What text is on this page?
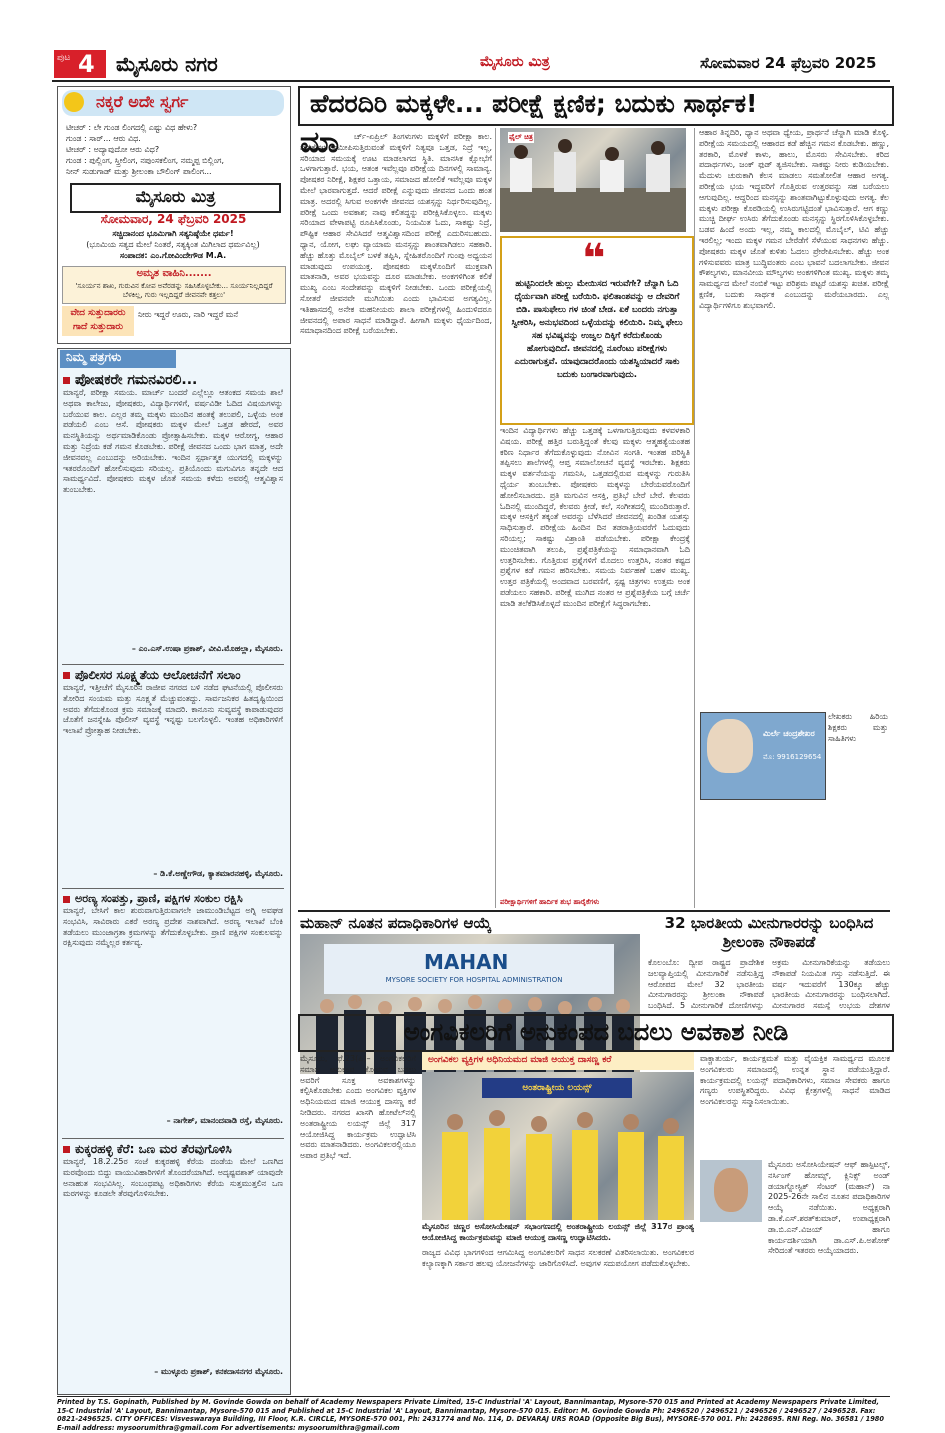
ಪುಟ 4 ಮೈಸೂರು ನಗರ	ಮೈಸೂರು ಮಿತ್ರ	ಸೋಮವಾರ 24 ಫೆಬ್ರವರಿ 2025
ನಕ್ಕರೆ ಅದೇ ಸ್ವರ್ಗ
ಟೀಚರ್ : ಲೇ ಗುಂಡ ಲಿಂಗದಲ್ಲಿ ಎಷ್ಟು ವಿಧ ಹೇಳು?
ಗುಂಡ : ಸಾರ್... ಆರು ವಿಧ.
ಟೀಚರ್ : ಅದ್ಯಾವುದೋ ಆರು ವಿಧ?
ಗುಂಡ : ಪುಲ್ಲಿಂಗ, ಸ್ತ್ರೀಲಿಂಗ, ನಪುಂಸಕಲಿಂಗ, ನಮ್ಮಪ್ಪ ಬಿಲ್ಲಿಂಗ,
ನೀನ್ ಸುಡುಗಾಡ್ ಮತ್ತು ಶ್ರೀಲಂಕಾ ಬೌಲಿಂಗ್ ಪಾಲಿಂಗ...
ಮೈಸೂರು ಮಿತ್ರ
ಸೋಮವಾರ, 24 ಫೆಬ್ರವರಿ 2025
ಸಚ್ಚಿದಾನಂದ ಭೂಮಿಗಾಗಿ ಸತ್ಯನಿಷ್ಠೆಯೇ ಧರ್ಮ!
(ಭೂಮಿಯ ಸತ್ಯದ ಮೇಲೆ ನಿಂತರೆ, ಸತ್ಯಕ್ಕಿಂತ ಮಿಗಿಲಾದ ಧರ್ಮವಿಲ್ಲ)
ಸಂಪಾದಕ: ಎಂ.ಗೋವಿಂದೇಗೌಡ M.A.
ಅಮೃತ ವಾಹಿನಿ.......
'ಸೂರ್ಯನ ಶಾಖ, ಗುರುವಿನ ಕೋಪ ಅವೆರಡನ್ನು ಸಹಿಸಿಕೊಳ್ಳಬೇಕು... ಸೂರ್ಯನಿಲ್ಲದಿದ್ದರೆ ಬೆಳಕಿಲ್ಲ, ಗುರು ಇಲ್ಲದಿದ್ದರೆ ಜೀವನವೇ ಕತ್ತಲು'
ವೇದ ಸುತ್ತುದಾರರು ಗಾದೆ ಸುತ್ತುದಾರು
ನೀರು ಇದ್ದರೆ ಊರು, ನಾರಿ ಇದ್ದರೆ ಮನೆ
ನಿಮ್ಮ ಪತ್ರಗಳು
ಪೋಷಕರೇ ಗಮನವಿರಲಿ...
ಮಾನ್ಯರೆ, ಪರೀಕ್ಷಾ ಸಮಯ. ಮಾರ್ಚ್ ಬಂದರೆ ಎಲ್ಲೆಲ್ಲೂ ಆತಂಕದ ಸಮಯ ಶಾಲೆ ಅಥವಾ ಕಾಲೇಜು, ಪೋಷಕರು, ವಿದ್ಯಾರ್ಥಿಗಳಿಗೆ, ವರ್ಷವಿಡೀ ಓದಿದ ವಿಷಯಗಳನ್ನು ಬರೆಯುವ ಕಾಲ. ಎಲ್ಲರ ತಮ್ಮ ಮಕ್ಕಳು ಮುಂದಿನ ಹಂತಕ್ಕೆ ತಲುಪಲಿ, ಒಳ್ಳೆಯ ಅಂಕ ಪಡೆಯಲಿ ಎಂಬ ಆಸೆ. ಪೋಷಕರು ಮಕ್ಕಳ ಮೇಲೆ ಒತ್ತಡ ಹೇರದೆ, ಅವರ ಮನಸ್ಥಿತಿಯನ್ನು ಅರ್ಥಮಾಡಿಕೊಂಡು ಪ್ರೋತ್ಸಾಹಿಸಬೇಕು. ಮಕ್ಕಳ ಆರೋಗ್ಯ, ಆಹಾರ ಮತ್ತು ನಿದ್ರೆಯ ಕಡೆ ಗಮನ ಕೊಡಬೇಕು. ಪರೀಕ್ಷೆ ಜೀವನದ ಒಂದು ಭಾಗ ಮಾತ್ರ, ಅದೇ ಜೀವನವಲ್ಲ ಎಂಬುದನ್ನು ಅರಿಯಬೇಕು. ಇಂದಿನ ಸ್ಪರ್ಧಾತ್ಮಕ ಯುಗದಲ್ಲಿ ಮಕ್ಕಳನ್ನು ಇತರರೊಂದಿಗೆ ಹೋಲಿಸುವುದು ಸರಿಯಲ್ಲ. ಪ್ರತಿಯೊಂದು ಮಗುವಿಗೂ ತನ್ನದೇ ಆದ ಸಾಮರ್ಥ್ಯವಿದೆ. ಪೋಷಕರು ಮಕ್ಕಳ ಜೊತೆ ಸಮಯ ಕಳೆದು ಅವರಲ್ಲಿ ಆತ್ಮವಿಶ್ವಾಸ ತುಂಬಬೇಕು.
– ಎಂ.ಎಸ್.ಉಷಾ ಪ್ರಕಾಶ್, ವೀವಿ.ಮೊಹಲ್ಲಾ, ಮೈಸೂರು.
ಪೊಲೀಸರ ಸೂಕ್ಷ್ಮತೆಯ ಆಲೋಚನೆಗೆ ಸಲಾಂ
ಮಾನ್ಯರೆ, ಇತ್ತೀಚೆಗೆ ಮೈಸೂರಿನ ರಾಜೀವ ನಗರದ ಬಳಿ ನಡೆದ ಘಟನೆಯಲ್ಲಿ ಪೊಲೀಸರು ತೋರಿದ ಸಂಯಮ ಮತ್ತು ಸೂಕ್ಷ್ಮತೆ ಮೆಚ್ಚುವಂತದ್ದು. ಸಾರ್ವಜನಿಕರ ಹಿತದೃಷ್ಟಿಯಿಂದ ಅವರು ತೆಗೆದುಕೊಂಡ ಕ್ರಮ ಸಮಾಜಕ್ಕೆ ಮಾದರಿ. ಕಾನೂನು ಸುವ್ಯವಸ್ಥೆ ಕಾಪಾಡುವುದರ ಜೊತೆಗೆ ಜನಸ್ನೇಹಿ ಪೊಲೀಸ್ ವ್ಯವಸ್ಥೆ ಇನ್ನಷ್ಟು ಬಲಗೊಳ್ಳಲಿ. ಇಂತಹ ಅಧಿಕಾರಿಗಳಿಗೆ ಇಲಾಖೆ ಪ್ರೋತ್ಸಾಹ ನೀಡಬೇಕು.
– ಡಿ.ಕೆ.ಅಣ್ಣೇಗೌಡ, ಕ್ಯಾತಮಾರನಹಳ್ಳಿ, ಮೈಸೂರು.
ಅರಣ್ಯ ಸಂಪತ್ತು, ಪ್ರಾಣಿ, ಪಕ್ಷಿಗಳ ಸಂಕುಲ ರಕ್ಷಿಸಿ
ಮಾನ್ಯರೆ, ಬೇಸಿಗೆ ಕಾಲ ಶುರುವಾಗುತ್ತಿರುವಾಗಲೇ ಜಾಮುಂಡಿಬೆಟ್ಟದ ಅಗ್ನಿ ಅವಘಡ ಸಂಭವಿಸಿ, ಸಾವಿರಾರು ಎಕರೆ ಅರಣ್ಯ ಪ್ರದೇಶ ನಾಶವಾಗಿದೆ. ಅರಣ್ಯ ಇಲಾಖೆ ಬೆಂಕಿ ತಡೆಯಲು ಮುಂಜಾಗ್ರತಾ ಕ್ರಮಗಳನ್ನು ತೆಗೆದುಕೊಳ್ಳಬೇಕು. ಪ್ರಾಣಿ ಪಕ್ಷಿಗಳ ಸಂಕುಲವನ್ನು ರಕ್ಷಿಸುವುದು ನಮ್ಮೆಲ್ಲರ ಕರ್ತವ್ಯ.
– ನಾಗೇಶ್, ಮಾನಂದವಾಡಿ ರಸ್ತೆ, ಮೈಸೂರು.
ಕುಕ್ಕರಹಳ್ಳಿ ಕೆರೆ: ಒಣ ಮರ ತೆರವುಗೊಳಿಸಿ
ಮಾನ್ಯರೆ, 18.2.25ರ ಸಂಜೆ ಕುಕ್ಕರಹಳ್ಳಿ ಕೆರೆಯ ದಂಡೆಯ ಮೇಲೆ ಒಣಗಿದ ಮರವೊಂದು ಬಿದ್ದು ವಾಯುವಿಹಾರಿಗಳಿಗೆ ತೊಂದರೆಯಾಗಿದೆ. ಅದೃಷ್ಟವಶಾತ್ ಯಾವುದೇ ಅನಾಹುತ ಸಂಭವಿಸಿಲ್ಲ. ಸಂಬಂಧಪಟ್ಟ ಅಧಿಕಾರಿಗಳು ಕೆರೆಯ ಸುತ್ತಮುತ್ತಲಿನ ಒಣ ಮರಗಳನ್ನು ಕೂಡಲೇ ತೆರವುಗೊಳಿಸಬೇಕು.
– ಮುಳ್ಳೂರು ಪ್ರಕಾಶ್, ಕನಕದಾಸನಗರ ಮೈಸೂರು.
ಹೆದರದಿರಿ ಮಕ್ಕಳೇ... ಪರೀಕ್ಷೆ ಕ್ಷಣಿಕ; ಬದುಕು ಸಾರ್ಥಕ!
ಮಾ	ರ್ಚ್-ಏಪ್ರಿಲ್ ತಿಂಗಳುಗಳು ಮಕ್ಕಳಿಗೆ ಪರೀಕ್ಷಾ ಕಾಲ. ಪರೀಕ್ಷೆಗಳು ಸಮೀಪಿಸುತ್ತಿರುವಂತೆ ಮಕ್ಕಳಿಗೆ ನಿತ್ಯವೂ ಒತ್ತಡ, ನಿದ್ರೆ ಇಲ್ಲ, ಸರಿಯಾದ ಸಮಯಕ್ಕೆ ಊಟ ಮಾಡಲಾಗದ ಸ್ಥಿತಿ. ಮಾನಸಿಕ ಕ್ಷೋಭೆಗೆ ಒಳಗಾಗುತ್ತಾರೆ. ಭಯ, ಆತಂಕ ಇವೆಲ್ಲವೂ ಪರೀಕ್ಷೆಯ ದಿನಗಳಲ್ಲಿ ಸಾಮಾನ್ಯ. ಪೋಷಕರ ನಿರೀಕ್ಷೆ, ಶಿಕ್ಷಕರ ಒತ್ತಾಯ, ಸಮಾಜದ ಹೋಲಿಕೆ ಇವೆಲ್ಲವೂ ಮಕ್ಕಳ ಮೇಲೆ ಭಾರವಾಗುತ್ತದೆ. ಆದರೆ ಪರೀಕ್ಷೆ ಎನ್ನುವುದು ಜೀವನದ ಒಂದು ಹಂತ ಮಾತ್ರ. ಅದರಲ್ಲಿ ಸಿಗುವ ಅಂಕಗಳೇ ಜೀವನದ ಯಶಸ್ಸನ್ನು ನಿರ್ಧರಿಸುವುದಿಲ್ಲ. ಪರೀಕ್ಷೆ ಒಂದು ಅವಕಾಶ; ನಾವು ಕಲಿತದ್ದನ್ನು ಪರೀಕ್ಷಿಸಿಕೊಳ್ಳಲು. ಮಕ್ಕಳು ಸರಿಯಾದ ವೇಳಾಪಟ್ಟಿ ರೂಪಿಸಿಕೊಂಡು, ನಿಯಮಿತ ಓದು, ಸಾಕಷ್ಟು ನಿದ್ರೆ, ಪೌಷ್ಟಿಕ ಆಹಾರ ಸೇವಿಸಿದರೆ ಆತ್ಮವಿಶ್ವಾಸದಿಂದ ಪರೀಕ್ಷೆ ಎದುರಿಸಬಹುದು. ಧ್ಯಾನ, ಯೋಗ, ಲಘು ವ್ಯಾಯಾಮ ಮನಸ್ಸನ್ನು ಶಾಂತವಾಗಿಡಲು ಸಹಕಾರಿ. ಹೆಚ್ಚು ಹೊತ್ತು ಮೊಬೈಲ್ ಬಳಕೆ ತಪ್ಪಿಸಿ, ಸ್ನೇಹಿತರೊಂದಿಗೆ ಗುಂಪು ಅಧ್ಯಯನ ಮಾಡುವುದು ಉಪಯುಕ್ತ. ಪೋಷಕರು ಮಕ್ಕಳೊಂದಿಗೆ ಮುಕ್ತವಾಗಿ ಮಾತನಾಡಿ, ಅವರ ಭಯವನ್ನು ದೂರ ಮಾಡಬೇಕು. ಅಂಕಗಳಿಗಿಂತ ಕಲಿಕೆ ಮುಖ್ಯ ಎಂಬ ಸಂದೇಶವನ್ನು ಮಕ್ಕಳಿಗೆ ನೀಡಬೇಕು. ಒಂದು ಪರೀಕ್ಷೆಯಲ್ಲಿ ಸೋತರೆ ಜೀವನವೇ ಮುಗಿಯಿತು ಎಂದು ಭಾವಿಸುವ ಅಗತ್ಯವಿಲ್ಲ. ಇತಿಹಾಸದಲ್ಲಿ ಅನೇಕ ಮಹನೀಯರು ಶಾಲಾ ಪರೀಕ್ಷೆಗಳಲ್ಲಿ ಹಿಂದುಳಿದರೂ ಜೀವನದಲ್ಲಿ ಅಪಾರ ಸಾಧನೆ ಮಾಡಿದ್ದಾರೆ. ಹೀಗಾಗಿ ಮಕ್ಕಳು ಧೈರ್ಯದಿಂದ, ಸಮಾಧಾನದಿಂದ ಪರೀಕ್ಷೆ ಬರೆಯಬೇಕು.
ಫೈಲ್ ಚಿತ್ರ
❝
ಹುಟ್ಟಿನಿಂದಲೇ ಹುಲ್ಲು ಮೇಯಿಸದ ಇರುವೆಗೇ? ಚೆನ್ನಾಗಿ ಓದಿ ಧೈರ್ಯವಾಗಿ ಪರೀಕ್ಷೆ ಬರೆಯಿರಿ. ಫಲಿತಾಂಶವನ್ನು ಆ ದೇವರಿಗೆ ಬಿಡಿ. ಪಾಸುಫೇಲು ಗಳ ಚಿಂತೆ ಬೇಡ. ಏಕೆ ಬಂದರು ನಗುತ್ತಾ ಸ್ವೀಕರಿಸಿ, ಅನುಭವದಿಂದ ಒಳ್ಳೆಯದನ್ನು ಕಲಿಯಿರಿ. ನಿಮ್ಮ ಫೇಲು ಸಹ ಭವಿಷ್ಯವನ್ನು ಉಜ್ವಲ ದಿಕ್ಕಿಗೆ ಕರೆದುಕೊಂಡು ಹೋಗುವುದಿದೆ. ಜೀವನದಲ್ಲಿ ನೂರೆಂಟು ಪರೀಕ್ಷೆಗಳು ಎದುರಾಗುತ್ತವೆ. ಯಾವುದಾದರೊಂದು ಯಶಸ್ವಿಯಾದರೆ ಸಾಕು ಬದುಕು ಬಂಗಾರವಾಗುವುದು.
ಇಂದಿನ ವಿದ್ಯಾರ್ಥಿಗಳು ಹೆಚ್ಚು ಒತ್ತಡಕ್ಕೆ ಒಳಗಾಗುತ್ತಿರುವುದು ಕಳವಳಕಾರಿ ವಿಷಯ. ಪರೀಕ್ಷೆ ಹತ್ತಿರ ಬರುತ್ತಿದ್ದಂತೆ ಕೆಲವು ಮಕ್ಕಳು ಆತ್ಮಹತ್ಯೆಯಂತಹ ಕಠಿಣ ನಿರ್ಧಾರ ತೆಗೆದುಕೊಳ್ಳುವುದು ನೋವಿನ ಸಂಗತಿ. ಇಂತಹ ಪರಿಸ್ಥಿತಿ ತಪ್ಪಿಸಲು ಶಾಲೆಗಳಲ್ಲಿ ಆಪ್ತ ಸಮಾಲೋಚನೆ ವ್ಯವಸ್ಥೆ ಇರಬೇಕು. ಶಿಕ್ಷಕರು ಮಕ್ಕಳ ವರ್ತನೆಯನ್ನು ಗಮನಿಸಿ, ಒತ್ತಡದಲ್ಲಿರುವ ಮಕ್ಕಳನ್ನು ಗುರುತಿಸಿ ಧೈರ್ಯ ತುಂಬಬೇಕು. ಪೋಷಕರು ಮಕ್ಕಳನ್ನು ಬೇರೆಯವರೊಂದಿಗೆ ಹೋಲಿಸಬಾರದು. ಪ್ರತಿ ಮಗುವಿನ ಆಸಕ್ತಿ, ಪ್ರತಿಭೆ ಬೇರೆ ಬೇರೆ. ಕೆಲವರು ಓದಿನಲ್ಲಿ ಮುಂದಿದ್ದರೆ, ಕೆಲವರು ಕ್ರೀಡೆ, ಕಲೆ, ಸಂಗೀತದಲ್ಲಿ ಮುಂದಿರುತ್ತಾರೆ. ಮಕ್ಕಳ ಆಸಕ್ತಿಗೆ ತಕ್ಕಂತೆ ಅವರನ್ನು ಬೆಳೆಸಿದರೆ ಜೀವನದಲ್ಲಿ ಖಂಡಿತ ಯಶಸ್ಸು ಸಾಧಿಸುತ್ತಾರೆ. ಪರೀಕ್ಷೆಯ ಹಿಂದಿನ ದಿನ ತಡರಾತ್ರಿಯವರೆಗೆ ಓದುವುದು ಸರಿಯಲ್ಲ; ಸಾಕಷ್ಟು ವಿಶ್ರಾಂತಿ ಪಡೆಯಬೇಕು. ಪರೀಕ್ಷಾ ಕೇಂದ್ರಕ್ಕೆ ಮುಂಚಿತವಾಗಿ ತಲುಪಿ, ಪ್ರಶ್ನೆಪತ್ರಿಕೆಯನ್ನು ಸಮಾಧಾನವಾಗಿ ಓದಿ ಉತ್ತರಿಸಬೇಕು. ಗೊತ್ತಿರುವ ಪ್ರಶ್ನೆಗಳಿಗೆ ಮೊದಲು ಉತ್ತರಿಸಿ, ನಂತರ ಕಷ್ಟದ ಪ್ರಶ್ನೆಗಳ ಕಡೆ ಗಮನ ಹರಿಸಬೇಕು. ಸಮಯ ನಿರ್ವಹಣೆ ಬಹಳ ಮುಖ್ಯ. ಉತ್ತರ ಪತ್ರಿಕೆಯಲ್ಲಿ ಅಂದವಾದ ಬರವಣಿಗೆ, ಸ್ಪಷ್ಟ ಚಿತ್ರಗಳು ಉತ್ತಮ ಅಂಕ ಪಡೆಯಲು ಸಹಕಾರಿ. ಪರೀಕ್ಷೆ ಮುಗಿದ ನಂತರ ಆ ಪ್ರಶ್ನೆಪತ್ರಿಕೆಯ ಬಗ್ಗೆ ಚರ್ಚೆ ಮಾಡಿ ತಲೆಕೆಡಿಸಿಕೊಳ್ಳದೆ ಮುಂದಿನ ಪರೀಕ್ಷೆಗೆ ಸಿದ್ಧರಾಗಬೇಕು.
ಆಹಾರ ತಿನ್ನದಿರಿ, ಧ್ಯಾನ ಅಥವಾ ಧ್ಯೇಯ, ಪ್ರಾರ್ಥನೆ ಚೆನ್ನಾಗಿ ಮಾಡಿ ಕೊಳ್ಳಿ. ಪರೀಕ್ಷೆಯ ಸಮಯದಲ್ಲಿ ಆಹಾರದ ಕಡೆ ಹೆಚ್ಚಿನ ಗಮನ ಕೊಡಬೇಕು. ಹಣ್ಣು, ತರಕಾರಿ, ಮೊಳಕೆ ಕಾಳು, ಹಾಲು, ಮೊಸರು ಸೇವಿಸಬೇಕು. ಕರಿದ ಪದಾರ್ಥಗಳು, ಜಂಕ್ ಫುಡ್ ತ್ಯಜಿಸಬೇಕು. ಸಾಕಷ್ಟು ನೀರು ಕುಡಿಯಬೇಕು. ಮೆದುಳು ಚುರುಕಾಗಿ ಕೆಲಸ ಮಾಡಲು ಸಮತೋಲಿತ ಆಹಾರ ಅಗತ್ಯ. ಪರೀಕ್ಷೆಯ ಭಯ ಇದ್ದವರಿಗೆ ಗೊತ್ತಿರುವ ಉತ್ತರವನ್ನು ಸಹ ಬರೆಯಲು ಆಗುವುದಿಲ್ಲ. ಆದ್ದರಿಂದ ಮನಸ್ಸನ್ನು ಶಾಂತವಾಗಿಟ್ಟುಕೊಳ್ಳುವುದು ಅಗತ್ಯ. ಕೆಲ ಮಕ್ಕಳು ಪರೀಕ್ಷಾ ಕೊಠಡಿಯಲ್ಲಿ ಉಸಿರುಗಟ್ಟಿದಂತೆ ಭಾವಿಸುತ್ತಾರೆ. ಆಗ ಕಣ್ಣು ಮುಚ್ಚಿ ದೀರ್ಘ ಉಸಿರು ತೆಗೆದುಕೊಂಡು ಮನಸ್ಸನ್ನು ಸ್ಥಿರಗೊಳಿಸಿಕೊಳ್ಳಬೇಕು. ಬಡವ ಹಿಂದೆ ಅಂದು ಇಲ್ಲ, ನಮ್ಮ ಕಾಲದಲ್ಲಿ ಮೊಬೈಲ್, ಟಿವಿ ಹೆಚ್ಚು ಇರಲಿಲ್ಲ; ಇಂದು ಮಕ್ಕಳ ಗಮನ ಬೇರೆಡೆಗೆ ಸೆಳೆಯುವ ಸಾಧನಗಳು ಹೆಚ್ಚು. ಪೋಷಕರು ಮಕ್ಕಳ ಜೊತೆ ಕುಳಿತು ಓದಲು ಪ್ರೇರೇಪಿಸಬೇಕು. ಹೆಚ್ಚು ಅಂಕ ಗಳಿಸುವವರು ಮಾತ್ರ ಬುದ್ಧಿವಂತರು ಎಂಬ ಭಾವನೆ ಬದಲಾಗಬೇಕು. ಜೀವನ ಕೌಶಲ್ಯಗಳು, ಮಾನವೀಯ ಮೌಲ್ಯಗಳು ಅಂಕಗಳಿಗಿಂತ ಮುಖ್ಯ. ಮಕ್ಕಳು ತಮ್ಮ ಸಾಮರ್ಥ್ಯದ ಮೇಲೆ ನಂಬಿಕೆ ಇಟ್ಟು ಪರಿಶ್ರಮ ಪಟ್ಟರೆ ಯಶಸ್ಸು ಖಚಿತ. ಪರೀಕ್ಷೆ ಕ್ಷಣಿಕ, ಬದುಕು ಸಾರ್ಥಕ ಎಂಬುದನ್ನು ಮರೆಯಬಾರದು. ಎಲ್ಲ ವಿದ್ಯಾರ್ಥಿಗಳಿಗೂ ಶುಭವಾಗಲಿ.
ಮಿರ್ಲೆ ಚಂದ್ರಶೇಖರ
ಮೊ: 9916129654
ಲೇಖಕರು ಹಿರಿಯ ಶಿಕ್ಷಕರು ಮತ್ತು ಸಾಹಿತಿಗಳು
ಪರೀಕ್ಷಾರ್ಥಿಗಳಿಗೆ ಹಾರ್ದಿಕ ಶುಭ ಹಾರೈಕೆಗಳು
ಮಹಾನ್ ನೂತನ ಪದಾಧಿಕಾರಿಗಳ ಆಯ್ಕೆ
MAHAN
MYSORE SOCIETY FOR HOSPITAL ADMINISTRATION
32 ಭಾರತೀಯ ಮೀನುಗಾರರನ್ನು ಬಂಧಿಸಿದ ಶ್ರೀಲಂಕಾ ನೌಕಾಪಡೆ
ಕೊಲಂಬೊ: ದ್ವೀಪ ರಾಷ್ಟ್ರದ ಪ್ರಾದೇಶಿಕ ಜಲವ್ಯಾಪ್ತಿಯಲ್ಲಿ ಮೀನುಗಾರಿಕೆ ನಡೆಸುತ್ತಿದ್ದ ಆರೋಪದ ಮೇಲೆ 32 ಭಾರತೀಯ ಮೀನುಗಾರರನ್ನು ಶ್ರೀಲಂಕಾ ನೌಕಾಪಡೆ ಬಂಧಿಸಿದೆ. 5 ಮೀನುಗಾರಿಕೆ ದೋಣಿಗಳನ್ನು
ಅಕ್ರಮ ಮೀನುಗಾರಿಕೆಯನ್ನು ತಡೆಯಲು ನೌಕಾಪಡೆ ನಿಯಮಿತ ಗಸ್ತು ನಡೆಸುತ್ತಿದೆ. ಈ ವರ್ಷ ಇದುವರೆಗೆ 130ಕ್ಕೂ ಹೆಚ್ಚು ಭಾರತೀಯ ಮೀನುಗಾರರನ್ನು ಬಂಧಿಸಲಾಗಿದೆ. ಮೀನುಗಾರರ ಸಮಸ್ಯೆ ಉಭಯ ದೇಶಗಳ
ಅಂಗವಿಕಲರಿಗೆ ಅನುಕಂಪದ ಬದಲು ಅವಕಾಶ ನೀಡಿ
ಮೈಸೂರು, ಫೆ.23(ಪಿ)– ಅಂಗವಿಕಲರಿಗೆ ಸಮಾಜ ಅನುಕಂಪ ತೋರುವ ಬದಲು ಅವರಿಗೆ ಸೂಕ್ತ ಅವಕಾಶಗಳನ್ನು ಕಲ್ಪಿಸಿಕೊಡಬೇಕು ಎಂದು ಅಂಗವಿಕಲ ವ್ಯಕ್ತಿಗಳ ಅಧಿನಿಯಮದ ಮಾಜಿ ಆಯುಕ್ತ ದಾಸಣ್ಣ ಕರೆ ನೀಡಿದರು. ನಗರದ ಖಾಸಗಿ ಹೋಟೆಲ್‌ನಲ್ಲಿ ಅಂತರಾಷ್ಟ್ರೀಯ ಲಯನ್ಸ್ ಜಿಲ್ಲೆ 317 ಆಯೋಜಿಸಿದ್ದ ಕಾರ್ಯಕ್ರಮ ಉದ್ಘಾಟಿಸಿ ಅವರು ಮಾತನಾಡಿದರು. ಅಂಗವಿಕಲರಲ್ಲಿಯೂ ಅಪಾರ ಪ್ರತಿಭೆ ಇದೆ.
ಅಂಗವಿಕಲ ವ್ಯಕ್ತಿಗಳ ಅಧಿನಿಯಮದ ಮಾಜಿ ಆಯುಕ್ತ ದಾಸಣ್ಣ ಕರೆ
ಅಂತರಾಷ್ಟ್ರೀಯ ಲಯನ್ಸ್
ಮೈಸೂರಿನ ಚಿಣ್ಣರ ಅಸೋಸಿಯೇಷನ್ ಸಭಾಂಗಣದಲ್ಲಿ ಅಂತರಾಷ್ಟ್ರೀಯ ಲಯನ್ಸ್ ಜಿಲ್ಲೆ 317ರ ಪ್ರಾಂತ್ಯ ಆಯೋಜಿಸಿದ್ದ ಕಾರ್ಯಕ್ರಮವನ್ನು ಮಾಜಿ ಆಯುಕ್ತ ದಾಸಣ್ಣ ಉದ್ಘಾಟಿಸಿದರು.
ರಾಜ್ಯದ ವಿವಿಧ ಭಾಗಗಳಿಂದ ಆಗಮಿಸಿದ್ದ ಅಂಗವಿಕಲರಿಗೆ ಸಾಧನ ಸಲಕರಣೆ ವಿತರಿಸಲಾಯಿತು. ಅಂಗವಿಕಲರ ಕಲ್ಯಾಣಕ್ಕಾಗಿ ಸರ್ಕಾರ ಹಲವು ಯೋಜನೆಗಳನ್ನು ಜಾರಿಗೊಳಿಸಿದೆ. ಅವುಗಳ ಸದುಪಯೋಗ ಪಡೆದುಕೊಳ್ಳಬೇಕು.
ವಾಕ್ಚಾತುರ್ಯ, ಕಾರ್ಯಕ್ಷಮತೆ ಮತ್ತು ವೈಯಕ್ತಿಕ ಸಾಮರ್ಥ್ಯದ ಮೂಲಕ ಅಂಗವಿಕಲರು ಸಮಾಜದಲ್ಲಿ ಉನ್ನತ ಸ್ಥಾನ ಪಡೆಯುತ್ತಿದ್ದಾರೆ. ಕಾರ್ಯಕ್ರಮದಲ್ಲಿ ಲಯನ್ಸ್ ಪದಾಧಿಕಾರಿಗಳು, ಸಮಾಜ ಸೇವಕರು ಹಾಗೂ ಗಣ್ಯರು ಉಪಸ್ಥಿತರಿದ್ದರು. ವಿವಿಧ ಕ್ಷೇತ್ರಗಳಲ್ಲಿ ಸಾಧನೆ ಮಾಡಿದ ಅಂಗವಿಕಲರನ್ನು ಸನ್ಮಾನಿಸಲಾಯಿತು.
ಮೈಸೂರು ಅಸೋಸಿಯೇಷನ್ ಆಫ್ ಹಾಸ್ಪಿಟಲ್ಸ್, ನರ್ಸಿಂಗ್ ಹೋಮ್ಸ್, ಕ್ಲಿನಿಕ್ಸ್ ಅಂಡ್ ಡಯಾಗ್ನೋಸ್ಟಿಕ್ ಸೆಂಟರ್ (ಮಹಾನ್) ನಾ 2025-26ನೇ ಸಾಲಿನ ನೂತನ ಪದಾಧಿಕಾರಿಗಳ ಆಯ್ಕೆ ನಡೆಯಿತು. ಅಧ್ಯಕ್ಷರಾಗಿ ಡಾ.ಕೆ.ಎಸ್.ಶರತ್‌ಕುಮಾರ್, ಉಪಾಧ್ಯಕ್ಷರಾಗಿ ಡಾ.ಬಿ.ಎನ್.ವಿಜಯ್ ಹಾಗೂ ಕಾರ್ಯದರ್ಶಿಯಾಗಿ ಡಾ.ಎಸ್.ಪಿ.ಅಶೋಕ್ ಸೇರಿದಂತೆ ಇತರರು ಆಯ್ಕೆಯಾದರು.
Printed by T.S. Gopinath, Published by M. Govinde Gowda on behalf of Academy Newspapers Private Limited, 15-C Industrial 'A' Layout, Bannimantap, Mysore-570 015 and Printed at Academy Newspapers Private Limited, 15-C Industrial 'A' Layout, Bannimantap, Mysore-570 015 and Published at 15-C Industrial 'A' Layout, Bannimantap, Mysore-570 015. Editor: M. Govinde Gowda Ph: 2496520 / 2496521 / 2496526 / 2496527 / 2496528. Fax: 0821-2496525. CITY OFFICES: Visveswaraya Building, III Floor, K.R. CIRCLE, MYSORE-570 001, Ph: 2431774 and No. 114, D. DEVARAJ URS ROAD (Opposite Big Bus), MYSORE-570 001. Ph: 2428695. RNI Reg. No. 36581 / 1980 E-mail address: mysoorumithra@gmail.com For advertisements: mysoorumithra@gmail.com
